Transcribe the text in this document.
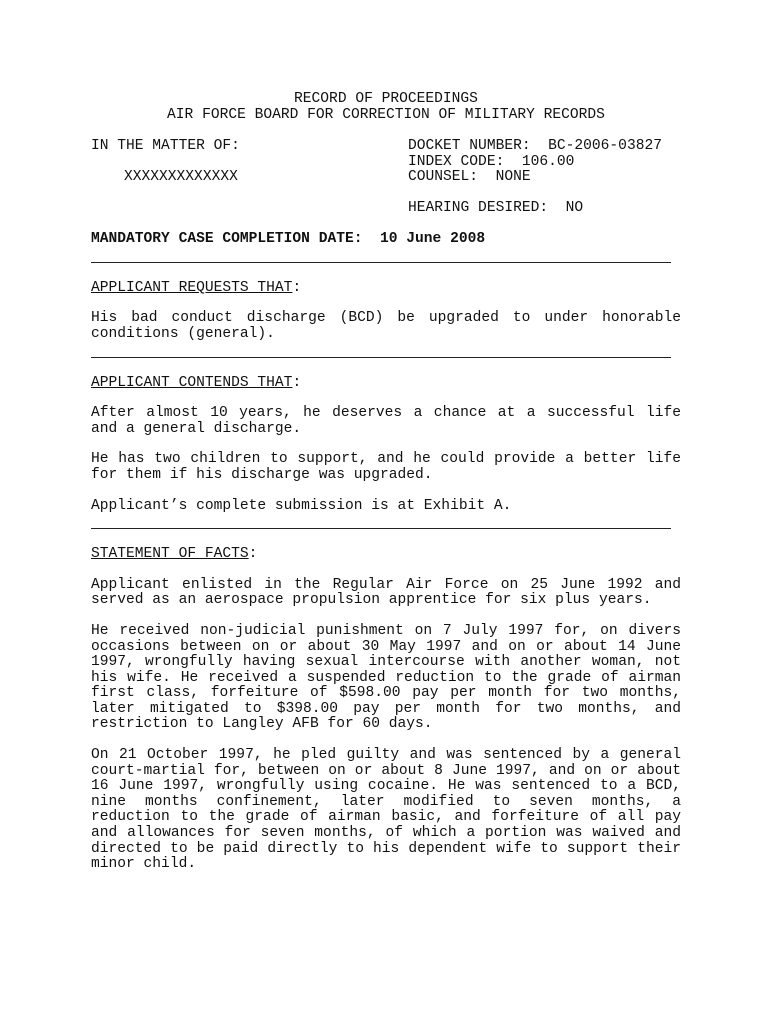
RECORD OF PROCEEDINGS
AIR FORCE BOARD FOR CORRECTION OF MILITARY RECORDS
IN THE MATTER OF:
XXXXXXXXXXXXX
DOCKET NUMBER:  BC-2006-03827
INDEX CODE:  106.00
COUNSEL:  NONE
HEARING DESIRED:  NO
MANDATORY CASE COMPLETION DATE: 10 June 2008
APPLICANT REQUESTS THAT:
His bad conduct discharge (BCD) be upgraded to under honorable conditions (general).
APPLICANT CONTENDS THAT:
After almost 10 years, he deserves a chance at a successful life and a general discharge.
He has two children to support, and he could provide a better life for them if his discharge was upgraded.
Applicant’s complete submission is at Exhibit A.
STATEMENT OF FACTS:
Applicant enlisted in the Regular Air Force on 25 June 1992 and served as an aerospace propulsion apprentice for six plus years.
He received non-judicial punishment on 7 July 1997 for, on divers occasions between on or about 30 May 1997 and on or about 14 June 1997, wrongfully having sexual intercourse with another woman, not his wife. He received a suspended reduction to the grade of airman first class, forfeiture of $598.00 pay per month for two months, later mitigated to $398.00 pay per month for two months, and restriction to Langley AFB for 60 days.
On 21 October 1997, he pled guilty and was sentenced by a general court-martial for, between on or about 8 June 1997, and on or about 16 June 1997, wrongfully using cocaine. He was sentenced to a BCD, nine months confinement, later modified to seven months, a reduction to the grade of airman basic, and forfeiture of all pay and allowances for seven months, of which a portion was waived and directed to be paid directly to his dependent wife to support their minor child.
